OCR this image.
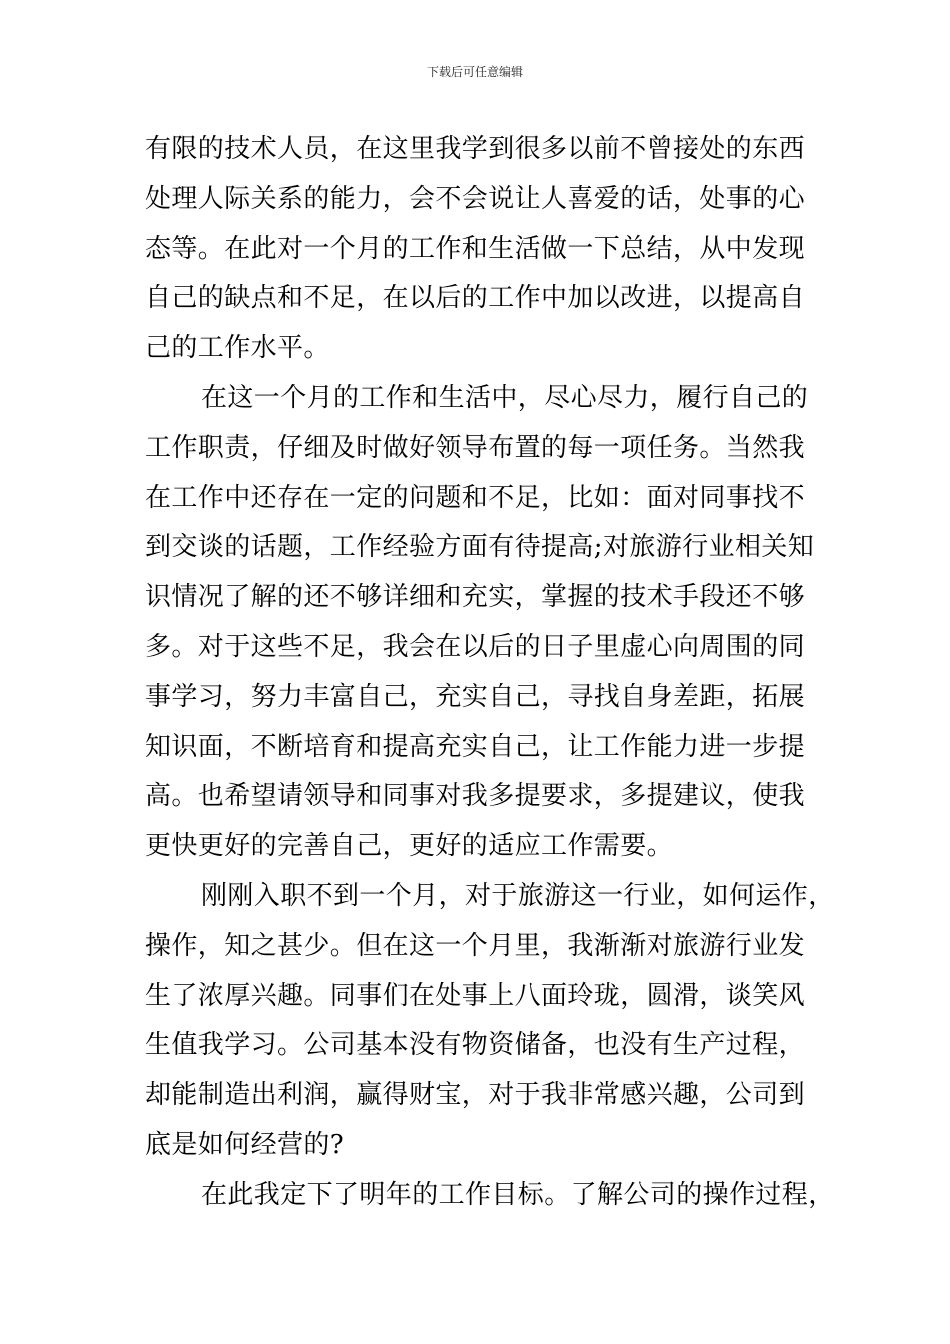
下载后可任意编辑
有限的技术人员，在这里我学到很多以前不曾接处的东西
处理人际关系的能力，会不会说让人喜爱的话，处事的心
态等。在此对一个月的工作和生活做一下总结，从中发现
自己的缺点和不足，在以后的工作中加以改进，以提高自
己的工作水平。
在这一个月的工作和生活中，尽心尽力，履行自己的
工作职责，仔细及时做好领导布置的每一项任务。当然我
在工作中还存在一定的问题和不足，比如：面对同事找不
到交谈的话题，工作经验方面有待提高;对旅游行业相关知
识情况了解的还不够详细和充实，掌握的技术手段还不够
多。对于这些不足，我会在以后的日子里虚心向周围的同
事学习，努力丰富自己，充实自己，寻找自身差距，拓展
知识面，不断培育和提高充实自己，让工作能力进一步提
高。也希望请领导和同事对我多提要求，多提建议，使我
更快更好的完善自己，更好的适应工作需要。
刚刚入职不到一个月，对于旅游这一行业，如何运作，
操作，知之甚少。但在这一个月里，我渐渐对旅游行业发
生了浓厚兴趣。同事们在处事上八面玲珑，圆滑，谈笑风
生值我学习。公司基本没有物资储备，也没有生产过程，
却能制造出利润，赢得财宝，对于我非常感兴趣，公司到
底是如何经营的?
在此我定下了明年的工作目标。了解公司的操作过程，
